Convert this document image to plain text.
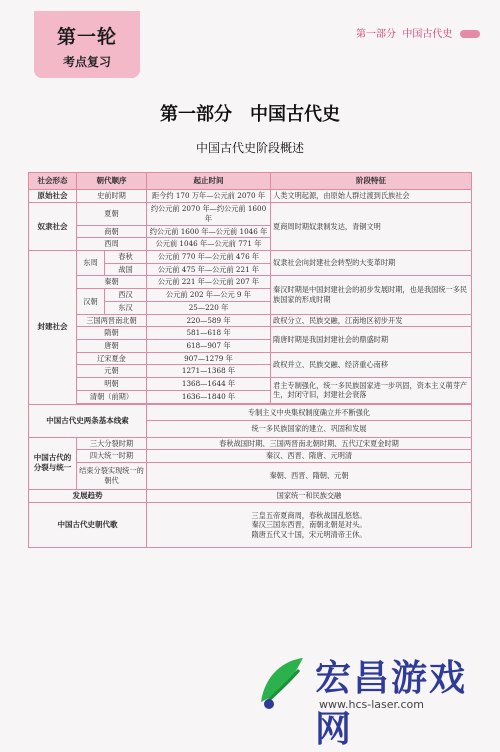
第一轮
考点复习
第一部分 中国古代史
第一部分　中国古代史
中国古代史阶段概述
社会形态	朝代顺序		起止时间	阶段特征
原始社会	史前时期		距今约 170 万年—公元前 2070 年	人类文明起源，由原始人群过渡到氏族社会
奴隶社会	夏朝		约公元前 2070 年—约公元前 1600 年	夏商周时期奴隶制发达，青铜文明
	商朝		约公元前 1600 年—公元前 1046 年	
	西周		公元前 1046 年—公元前 771 年	
封建社会	东周	春秋	公元前 770 年—公元前 476 年	奴隶社会向封建社会转型的大变革时期
		战国	公元前 475 年—公元前 221 年	
	秦朝		公元前 221 年—公元前 207 年	秦汉时期是中国封建社会的初步发展时期，也是我国统一多民族国家的形成时期
	汉朝	西汉	公元前 202 年—公元 9 年	
		东汉	25—220 年	
	三国两晋南北朝		220—589 年	政权分立、民族交融，江南地区初步开发
	隋朝		581—618 年	隋唐时期是我国封建社会的鼎盛时期
	唐朝		618—907 年	
	辽宋夏金		907—1279 年	政权并立、民族交融、经济重心南移
	元朝		1271—1368 年	
	明朝		1368—1644 年	君主专制强化，统一多民族国家进一步巩固，资本主义萌芽产生，封闭守旧，封建社会衰落
	清朝（前期）		1636—1840 年	

中国古代史两条基本线索			专制主义中央集权制度确立并不断强化	
			统一多民族国家的建立、巩固和发展	
中国古代的分裂与统一	三大分裂时期		春秋战国时期、三国两晋南北朝时期、五代辽宋夏金时期	
	四大统一时期		秦汉、西晋、隋唐、元明清	
	结束分裂实现统一的朝代		秦朝、西晋、隋朝、元朝	
发展趋势			国家统一和民族交融	
中国古代史朝代歌			三皇五帝夏商周，春秋战国乱悠悠。
秦汉三国东西晋，南朝北朝是对头。
隋唐五代又十国，宋元明清帝王休。	
宏昌游戏网
www.hcs-laser.com
